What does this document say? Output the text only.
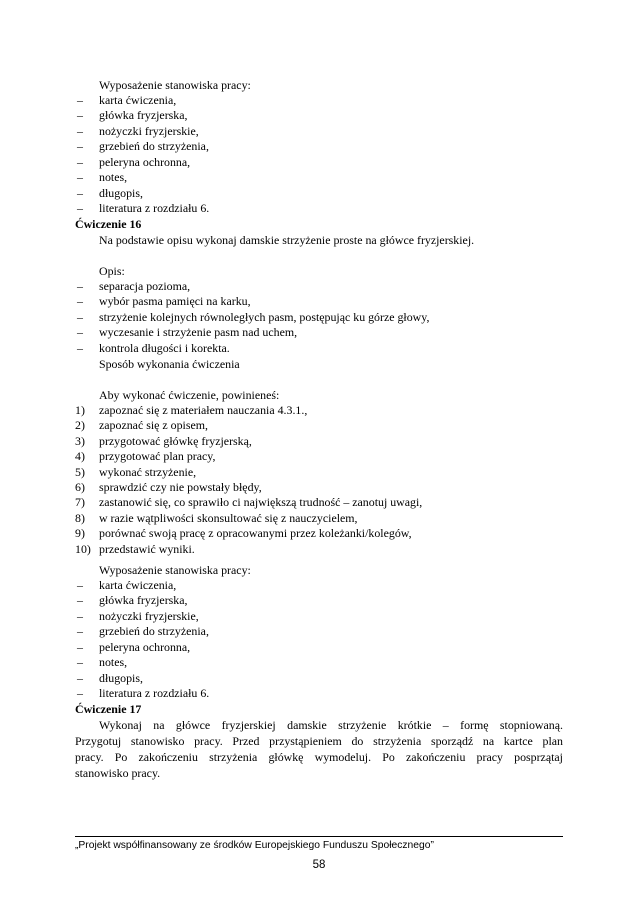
Wyposażenie stanowiska pracy:
– karta ćwiczenia,
– główka fryzjerska,
– nożyczki fryzjerskie,
– grzebień do strzyżenia,
– peleryna ochronna,
– notes,
– długopis,
– literatura z rozdziału 6.
Ćwiczenie 16
Na podstawie opisu wykonaj damskie strzyżenie proste na główce fryzjerskiej.
Opis:
– separacja pozioma,
– wybór pasma pamięci na karku,
– strzyżenie kolejnych równoległych pasm, postępując ku górze głowy,
– wyczesanie i strzyżenie pasm nad uchem,
– kontrola długości i korekta.
Sposób wykonania ćwiczenia
Aby wykonać ćwiczenie, powinieneś:
1) zapoznać się z materiałem nauczania 4.3.1.,
2) zapoznać się z opisem,
3) przygotować główkę fryzjerską,
4) przygotować plan pracy,
5) wykonać strzyżenie,
6) sprawdzić czy nie powstały błędy,
7) zastanowić się, co sprawiło ci największą trudność – zanotuj uwagi,
8) w razie wątpliwości skonsultować się z nauczycielem,
9) porównać swoją pracę z opracowanymi przez koleżanki/kolegów,
10) przedstawić wyniki.
Wyposażenie stanowiska pracy:
– karta ćwiczenia,
– główka fryzjerska,
– nożyczki fryzjerskie,
– grzebień do strzyżenia,
– peleryna ochronna,
– notes,
– długopis,
– literatura z rozdziału 6.
Ćwiczenie 17
Wykonaj na główce fryzjerskiej damskie strzyżenie krótkie – formę stopniowaną.
Przygotuj stanowisko pracy. Przed przystąpieniem do strzyżenia sporządź na kartce plan
pracy. Po zakończeniu strzyżenia główkę wymodeluj. Po zakończeniu pracy posprzątaj
stanowisko pracy.
„Projekt współfinansowany ze środków Europejskiego Funduszu Społecznego”
58
